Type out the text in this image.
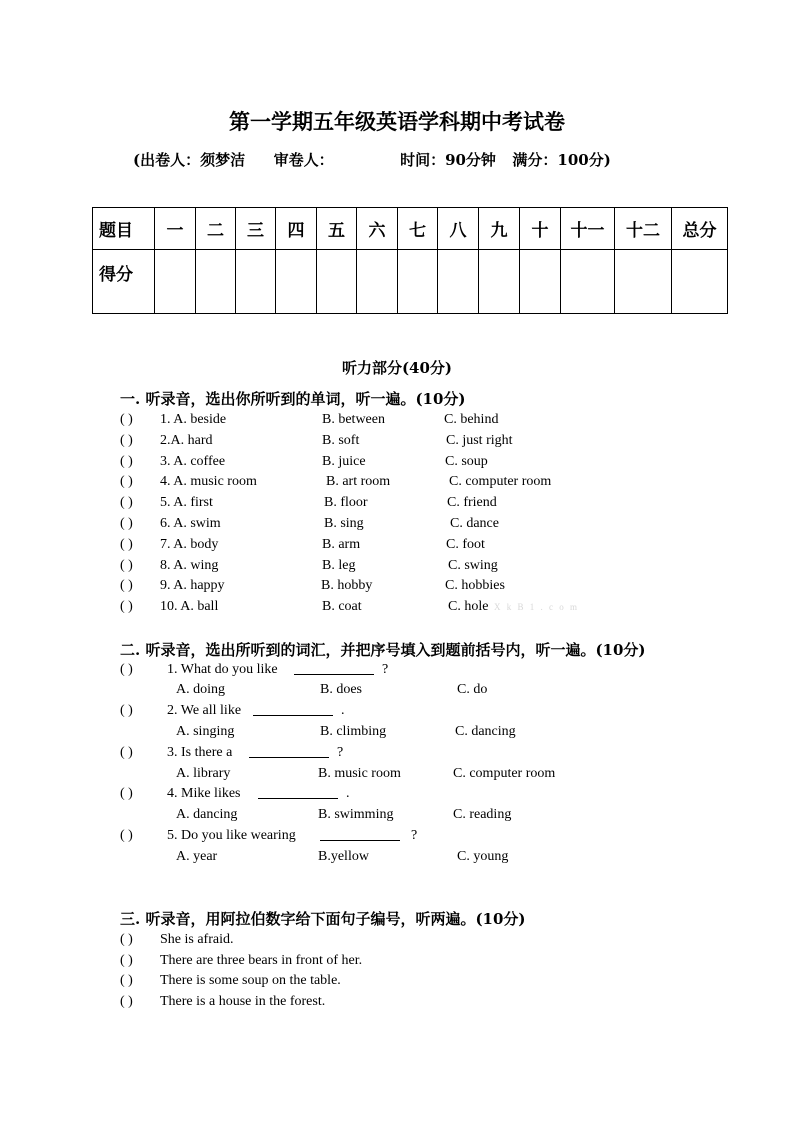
第一学期五年级英语学科期中考试卷
(出卷人：须梦洁 审卷人：	时间：90分钟 满分：100分)
题目	一	二	三	四	五	六	七	八	九	十	十一	十二	总分
得分													
听力部分(40分)
一. 听录音，选出你所听到的单词，听一遍。(10分)
( ) 1. A. beside	B. between	C. behind
( ) 2.A. hard	B. soft	C. just right
( ) 3. A. coffee	B. juice	C. soup
( ) 4. A. music room	B. art room	C. computer room
( ) 5. A. first	B. floor	C. friend
( ) 6. A. swim	B. sing	C. dance
( ) 7. A. body	B. arm	C. foot
( ) 8. A. wing	B. leg	C. swing
( ) 9. A. happy	B. hobby	C. hobbies
( ) 10. A. ball	B. coat	C. hole X k B 1 . c o m
二. 听录音，选出所听到的词汇，并把序号填入到题前括号内，听一遍。(10分)
( ) 1. What do you like	?
A. doing	B. does	C. do
( ) 2. We all like	.
A. singing	B. climbing	C. dancing
( ) 3. Is there a	?
A. library	B. music room	C. computer room
( ) 4. Mike likes	.
A. dancing	B. swimming	C. reading
( ) 5. Do you like wearing	?
A. year	B.yellow	C. young
三. 听录音，用阿拉伯数字给下面句子编号，听两遍。(10分)
( ) She is afraid.
( ) There are three bears in front of her.
( ) There is some soup on the table.
( ) There is a house in the forest.
